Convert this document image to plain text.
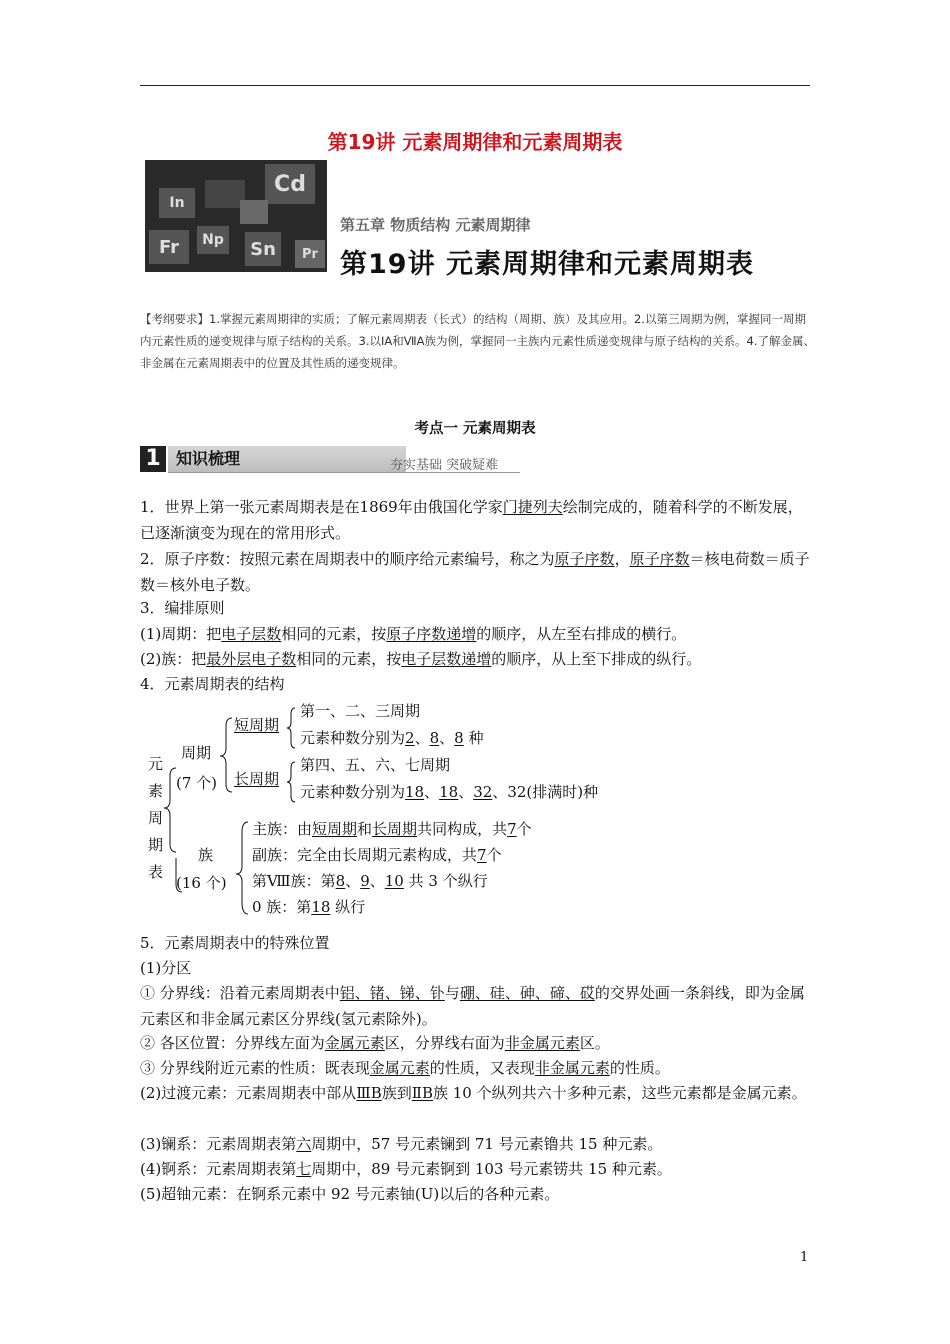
第19讲 元素周期律和元素周期表
Cd
In
Fr	Np Sn	Pr
第五章 物质结构 元素周期律
第19讲 元素周期律和元素周期表
【考纲要求】1.掌握元素周期律的实质；了解元素周期表（长式）的结构（周期、族）及其应用。2.以第三周期为例，掌握同一周期内元素性质的递变规律与原子结构的关系。3.以ⅠA和ⅦA族为例，掌握同一主族内元素性质递变规律与原子结构的关系。4.了解金属、非金属在元素周期表中的位置及其性质的递变规律。
考点一 元素周期表
1 知识梳理	夯实基础 突破疑难
1．世界上第一张元素周期表是在1869年由俄国化学家门捷列夫绘制完成的，随着科学的不断发展，已逐渐演变为现在的常用形式。
2．原子序数：按照元素在周期表中的顺序给元素编号，称之为原子序数，原子序数＝核电荷数＝质子数＝核外电子数。
3．编排原则
(1)周期：把电子层数相同的元素，按原子序数递增的顺序，从左至右排成的横行。
(2)族：把最外层电子数相同的元素，按电子层数递增的顺序，从上至下排成的纵行。
4．元素周期表的结构
元
素
周
期
表
周期
(7 个)
短周期
第一、二、三周期
元素种数分别为2、8、8 种
长周期
第四、五、六、七周期
元素种数分别为18、18、32、32(排满时)种
族
(16 个)
主族：由短周期和长周期共同构成，共7个
副族：完全由长周期元素构成，共7个
第Ⅷ族：第8、9、10 共 3 个纵行
0 族：第18 纵行
5．元素周期表中的特殊位置
(1)分区
① 分界线：沿着元素周期表中铝、锗、锑、钋与硼、硅、砷、碲、砹的交界处画一条斜线，即为金属元素区和非金属元素区分界线(氢元素除外)。
② 各区位置：分界线左面为金属元素区，分界线右面为非金属元素区。
③ 分界线附近元素的性质：既表现金属元素的性质，又表现非金属元素的性质。
(2)过渡元素：元素周期表中部从ⅢB族到ⅡB族 10 个纵列共六十多种元素，这些元素都是金属元素。
(3)镧系：元素周期表第六周期中，57 号元素镧到 71 号元素镥共 15 种元素。
(4)锕系：元素周期表第七周期中，89 号元素锕到 103 号元素铹共 15 种元素。
(5)超铀元素：在锕系元素中 92 号元素铀(U)以后的各种元素。
1
